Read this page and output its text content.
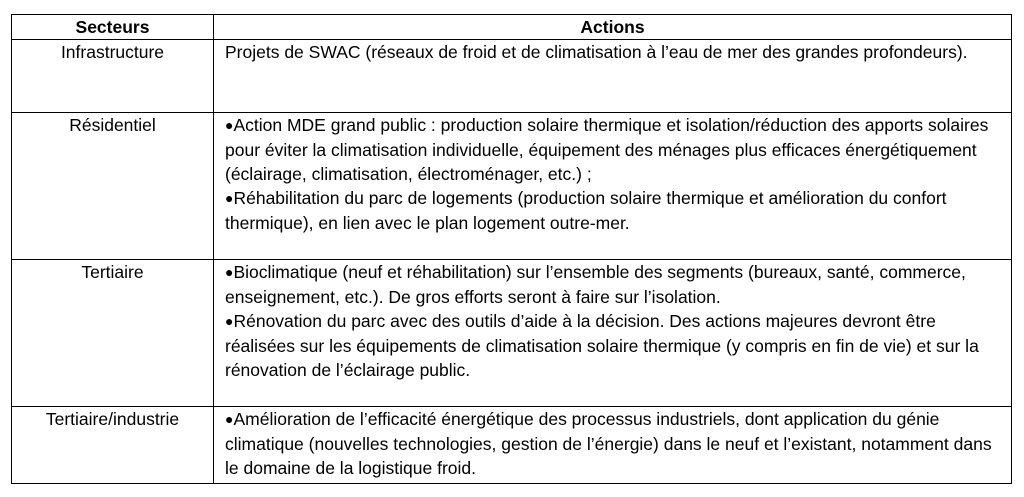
Secteurs	Actions
Infrastructure	Projets de SWAC (réseaux de froid et de climatisation à l’eau de mer des grandes profondeurs).

Résidentiel	●Action MDE grand public : production solaire thermique et isolation/réduction des apports solaires pour éviter la climatisation individuelle, équipement des ménages plus efficaces énergétiquement (éclairage, climatisation, électroménager, etc.) ;
●Réhabilitation du parc de logements (production solaire thermique et amélioration du confort thermique), en lien avec le plan logement outre-mer.

Tertiaire	●Bioclimatique (neuf et réhabilitation) sur l’ensemble des segments (bureaux, santé, commerce, enseignement, etc.). De gros efforts seront à faire sur l’isolation.
●Rénovation du parc avec des outils d’aide à la décision. Des actions majeures devront être réalisées sur les équipements de climatisation solaire thermique (y compris en fin de vie) et sur la rénovation de l’éclairage public.

Tertiaire/industrie	●Amélioration de l’efficacité énergétique des processus industriels, dont application du génie climatique (nouvelles technologies, gestion de l’énergie) dans le neuf et l’existant, notamment dans le domaine de la logistique froid.
